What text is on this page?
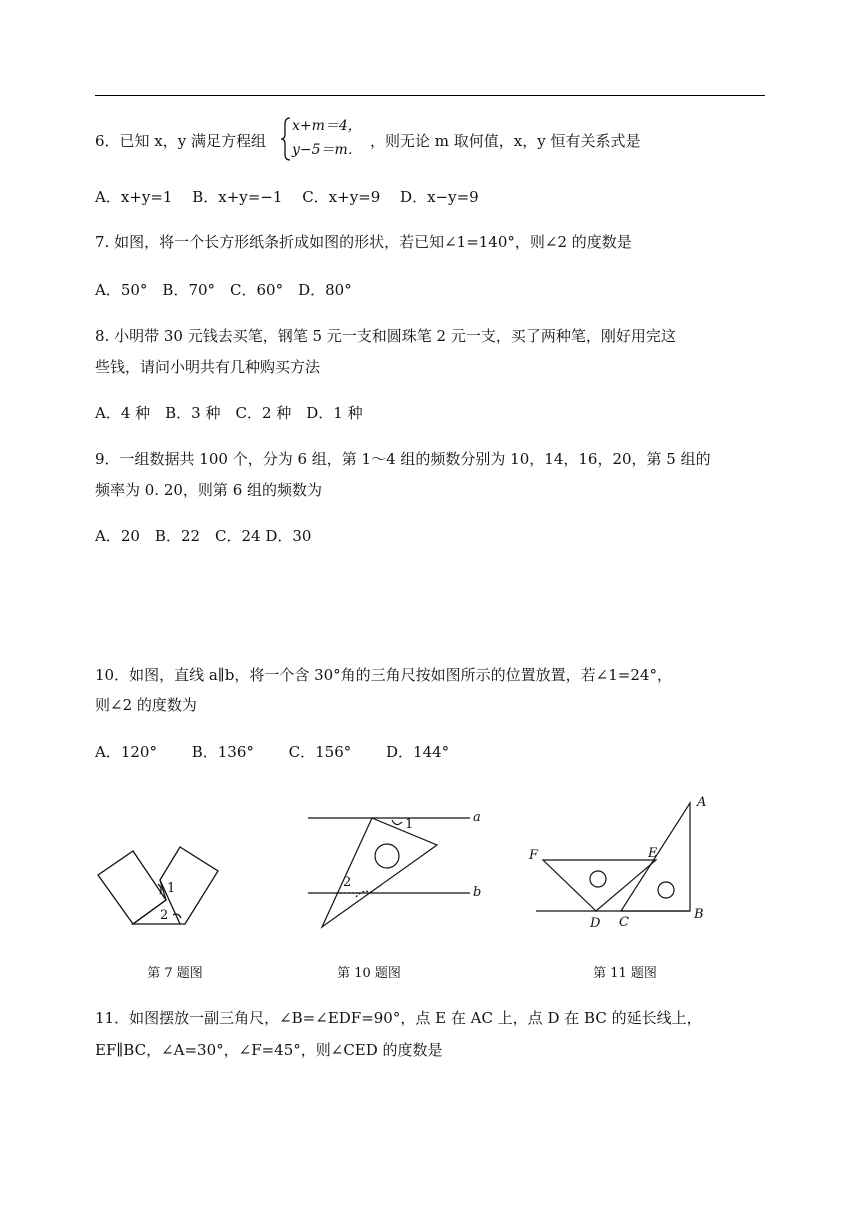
6．已知 x，y 满足方程组
x+m＝4，
y−5＝m． ，则无论 m 取何值，x，y 恒有关系式是
A．x+y=1　 B．x+y=−1　 C．x+y=9　 D．x−y=9
7. 如图，将一个长方形纸条折成如图的形状，若已知∠1=140°，则∠2 的度数是
A．50°　B．70°　C．60°　D．80°
8. 小明带 30 元钱去买笔，钢笔 5 元一支和圆珠笔 2 元一支，买了两种笔，刚好用完这
些钱，请问小明共有几种购买方法
A．4 种　B．3 种　C．2 种　D．1 种
9．一组数据共 100 个，分为 6 组，第 1～4 组的频数分别为 10，14，16，20，第 5 组的
频率为 0. 20，则第 6 组的频数为
A．20　B．22　C．24 D．30
10．如图，直线 a∥b，将一个含 30°角的三角尺按如图所示的位置放置，若∠1=24°，
则∠2 的度数为
A．120°　　 B．136°　　 C．156°　　 D．144°
1
2
1
2
a
b
A
F	E
D C
B
第 7 题图	第 10 题图	第 11 题图
11．如图摆放一副三角尺，∠B=∠EDF=90°，点 E 在 AC 上，点 D 在 BC 的延长线上，
EF∥BC，∠A=30°，∠F=45°，则∠CED 的度数是
